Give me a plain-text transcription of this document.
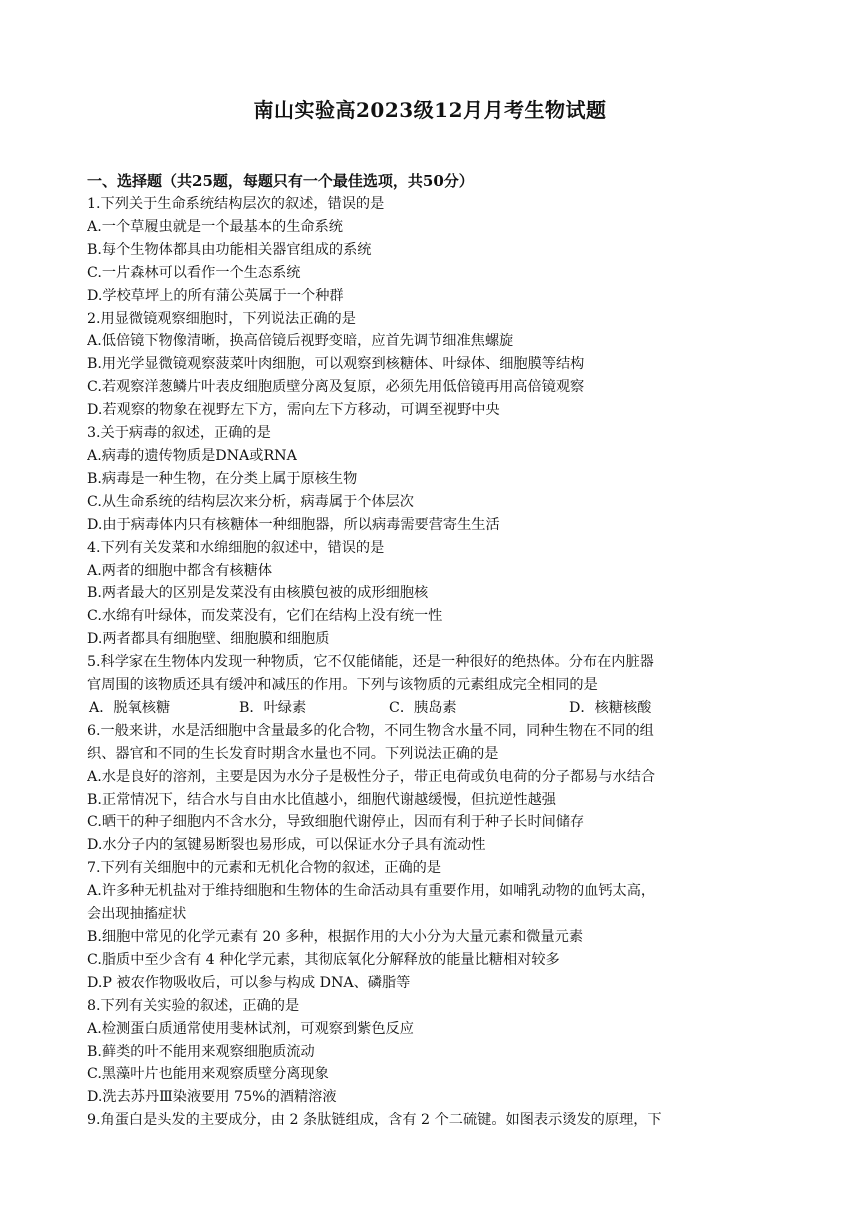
南山实验高2023级12月月考生物试题
一、选择题（共25题，每题只有一个最佳选项，共50分）
1.下列关于生命系统结构层次的叙述，错误的是
A.一个草履虫就是一个最基本的生命系统
B.每个生物体都具由功能相关器官组成的系统
C.一片森林可以看作一个生态系统
D.学校草坪上的所有蒲公英属于一个种群
2.用显微镜观察细胞时，下列说法正确的是
A.低倍镜下物像清晰，换高倍镜后视野变暗，应首先调节细准焦螺旋
B.用光学显微镜观察菠菜叶肉细胞，可以观察到核糖体、叶绿体、细胞膜等结构
C.若观察洋葱鳞片叶表皮细胞质壁分离及复原，必须先用低倍镜再用高倍镜观察
D.若观察的物象在视野左下方，需向左下方移动，可调至视野中央
3.关于病毒的叙述，正确的是
A.病毒的遗传物质是DNA或RNA
B.病毒是一种生物，在分类上属于原核生物
C.从生命系统的结构层次来分析，病毒属于个体层次
D.由于病毒体内只有核糖体一种细胞器，所以病毒需要营寄生生活
4.下列有关发菜和水绵细胞的叙述中，错误的是
A.两者的细胞中都含有核糖体
B.两者最大的区别是发菜没有由核膜包被的成形细胞核
C.水绵有叶绿体，而发菜没有，它们在结构上没有统一性
D.两者都具有细胞壁、细胞膜和细胞质
5.科学家在生物体内发现一种物质，它不仅能储能，还是一种很好的绝热体。分布在内脏器
官周围的该物质还具有缓冲和减压的作用。下列与该物质的元素组成完全相同的是
A．脱氧核糖	B．叶绿素	C．胰岛素	D．核糖核酸
6.一般来讲，水是活细胞中含量最多的化合物，不同生物含水量不同，同种生物在不同的组
织、器官和不同的生长发育时期含水量也不同。下列说法正确的是
A.水是良好的溶剂，主要是因为水分子是极性分子，带正电荷或负电荷的分子都易与水结合
B.正常情况下，结合水与自由水比值越小，细胞代谢越缓慢，但抗逆性越强
C.晒干的种子细胞内不含水分，导致细胞代谢停止，因而有利于种子长时间储存
D.水分子内的氢键易断裂也易形成，可以保证水分子具有流动性
7.下列有关细胞中的元素和无机化合物的叙述，正确的是
A.许多种无机盐对于维持细胞和生物体的生命活动具有重要作用，如哺乳动物的血钙太高，
会出现抽搐症状
B.细胞中常见的化学元素有 20 多种，根据作用的大小分为大量元素和微量元素
C.脂质中至少含有 4 种化学元素，其彻底氧化分解释放的能量比糖相对较多
D.P 被农作物吸收后，可以参与构成 DNA、磷脂等
8.下列有关实验的叙述，正确的是
A.检测蛋白质通常使用斐林试剂，可观察到紫色反应
B.藓类的叶不能用来观察细胞质流动
C.黑藻叶片也能用来观察质壁分离现象
D.洗去苏丹Ⅲ染液要用 75%的酒精溶液
9.角蛋白是头发的主要成分，由 2 条肽链组成，含有 2 个二硫键。如图表示烫发的原理，下
